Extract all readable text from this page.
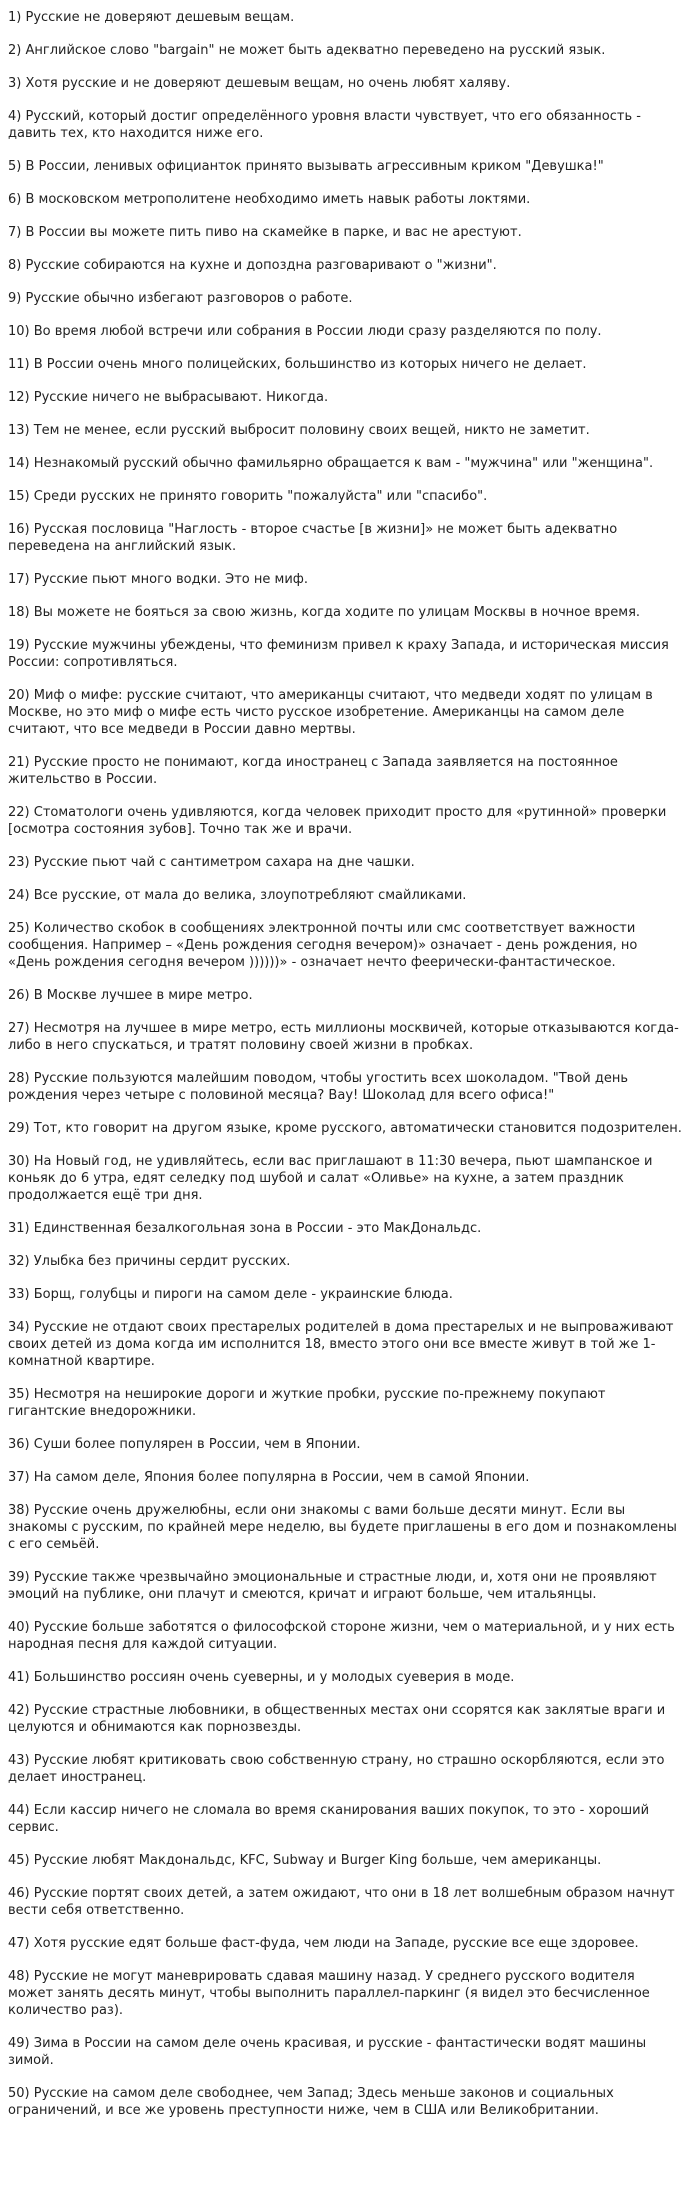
1) Русские не доверяют дешевым вещам.

2) Английское слово "bargain" не может быть адекватно переведено на русский язык.

3) Хотя русские и не доверяют дешевым вещам, но очень любят халяву.

4) Русский, который достиг определённого уровня власти чувствует, что его обязанность - давить тех, кто находится ниже его.

5) В России, ленивых официанток принято вызывать агрессивным криком "Девушка!"

6) В московском метрополитене необходимо иметь навык работы локтями.

7) В России вы можете пить пиво на скамейке в парке, и вас не арестуют.

8) Русские собираются на кухне и допоздна разговаривают о "жизни".

9) Русские обычно избегают разговоров о работе.

10) Во время любой встречи или собрания в России люди сразу разделяются по полу.

11) В России очень много полицейских, большинство из которых ничего не делает.

12) Русские ничего не выбрасывают. Никогда.

13) Тем не менее, если русский выбросит половину своих вещей, никто не заметит.

14) Незнакомый русский обычно фамильярно обращается к вам - "мужчина" или "женщина".

15) Среди русских не принято говорить "пожалуйста" или "спасибо".

16) Русская пословица "Наглость - второе счастье [в жизни]» не может быть адекватно переведена на английский язык.

17) Русские пьют много водки. Это не миф.

18) Вы можете не бояться за свою жизнь, когда ходите по улицам Москвы в ночное время.

19) Русские мужчины убеждены, что феминизм привел к краху Запада, и историческая миссия России: сопротивляться.

20) Миф о мифе: русские считают, что американцы считают, что медведи ходят по улицам в Москве, но это миф о мифе есть чисто русское изобретение. Американцы на самом деле считают, что все медведи в России давно мертвы.

21) Русские просто не понимают, когда иностранец с Запада заявляется на постоянное жительство в России.

22) Стоматологи очень удивляются, когда человек приходит просто для «рутинной» проверки [осмотра состояния зубов]. Точно так же и врачи.

23) Русские пьют чай с сантиметром сахара на дне чашки.

24) Все русские, от мала до велика, злоупотребляют смайликами.

25) Количество скобок в сообщениях электронной почты или смс соответствует важности сообщения. Например – «День рождения сегодня вечером)» означает - день рождения, но «День рождения сегодня вечером ))))))» - означает нечто феерически-фантастическое.

26) В Москве лучшее в мире метро.

27) Несмотря на лучшее в мире метро, есть миллионы москвичей, которые отказываются когда-либо в него спускаться, и тратят половину своей жизни в пробках.

28) Русские пользуются малейшим поводом, чтобы угостить всех шоколадом. "Твой день рождения через четыре с половиной месяца? Вау! Шоколад для всего офиса!"

29) Тот, кто говорит на другом языке, кроме русского, автоматически становится подозрителен.

30) На Новый год, не удивляйтесь, если вас приглашают в 11:30 вечера, пьют шампанское и коньяк до 6 утра, едят селедку под шубой и салат «Оливье» на кухне, а затем праздник продолжается ещё три дня.

31) Единственная безалкогольная зона в России - это МакДональдс.

32) Улыбка без причины сердит русских.

33) Борщ, голубцы и пироги на самом деле - украинские блюда.

34) Русские не отдают своих престарелых родителей в дома престарелых и не выпроваживают своих детей из дома когда им исполнится 18, вместо этого они все вместе живут в той же 1-комнатной квартире.

35) Несмотря на неширокие дороги и жуткие пробки, русские по-прежнему покупают гигантские внедорожники.

36) Суши более популярен в России, чем в Японии.

37) На самом деле, Япония более популярна в России, чем в самой Японии.

38) Русские очень дружелюбны, если они знакомы с вами больше десяти минут. Если вы знакомы с русским, по крайней мере неделю, вы будете приглашены в его дом и познакомлены с его семьёй.

39) Русские также чрезвычайно эмоциональные и страстные люди, и, хотя они не проявляют эмоций на публике, они плачут и смеются, кричат и играют больше, чем итальянцы.

40) Русские больше заботятся о философской стороне жизни, чем о материальной, и у них есть народная песня для каждой ситуации.

41) Большинство россиян очень суеверны, и у молодых суеверия в моде.

42) Русские страстные любовники, в общественных местах они ссорятся как заклятые враги и целуются и обнимаются как порнозвезды.

43) Русские любят критиковать свою собственную страну, но страшно оскорбляются, если это делает иностранец.

44) Если кассир ничего не сломала во время сканирования ваших покупок, то это - хороший сервис.

45) Русские любят Макдональдс, KFC, Subway и Burger King больше, чем американцы.

46) Русские портят своих детей, а затем ожидают, что они в 18 лет волшебным образом начнут вести себя ответственно.

47) Хотя русские едят больше фаст-фуда, чем люди на Западе, русские все еще здоровее.

48) Русские не могут маневрировать сдавая машину назад. У среднего русского водителя может занять десять минут, чтобы выполнить параллел-паркинг (я видел это бесчисленное количество раз).

49) Зима в России на самом деле очень красивая, и русские - фантастически водят машины зимой.

50) Русские на самом деле свободнее, чем Запад; Здесь меньше законов и социальных ограничений, и все же уровень преступности ниже, чем в США или Великобритании.
